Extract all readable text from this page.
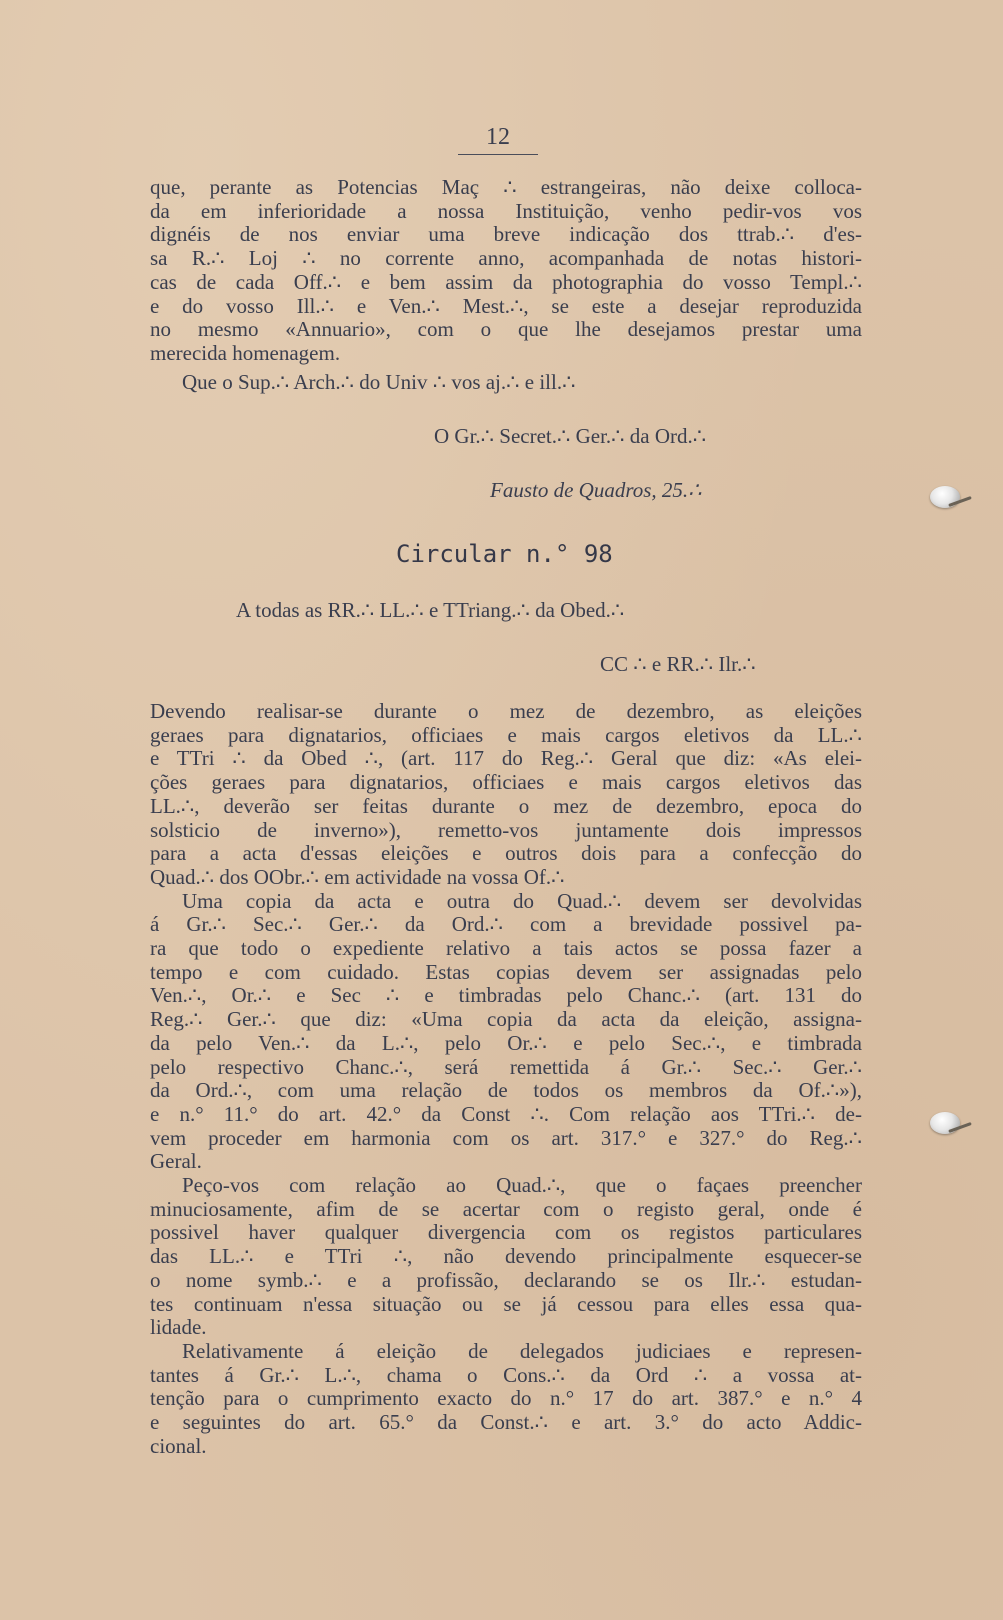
12
que, perante as Potencias Maç ∴ estrangeiras, não deixe colloca-
da em inferioridade a nossa Instituição, venho pedir-vos vos
dignéis de nos enviar uma breve indicação dos ttrab.∴ d'es-
sa R.∴ Loj ∴ no corrente anno, acompanhada de notas histori-
cas de cada Off.∴ e bem assim da photographia do vosso Templ.∴
e do vosso Ill.∴ e Ven.∴ Mest.∴, se este a desejar reproduzida
no mesmo «Annuario», com o que lhe desejamos prestar uma
merecida homenagem.
Que o Sup.∴ Arch.∴ do Univ ∴ vos aj.∴ e ill.∴
O Gr.∴ Secret.∴ Ger.∴ da Ord.∴
Fausto de Quadros, 25.∴
Circular n.° 98
A todas as RR.∴ LL.∴ e TTriang.∴ da Obed.∴
CC ∴ e RR.∴ Ilr.∴

Devendo realisar-se durante o mez de dezembro, as eleições
geraes para dignatarios, officiaes e mais cargos eletivos da LL.∴
e TTri ∴ da Obed ∴, (art. 117 do Reg.∴ Geral que diz: «As elei-
ções geraes para dignatarios, officiaes e mais cargos eletivos das
LL.∴, deverão ser feitas durante o mez de dezembro, epoca do
solsticio de inverno»), remetto-vos juntamente dois impressos
para a acta d'essas eleições e outros dois para a confecção do
Quad.∴ dos OObr.∴ em actividade na vossa Of.∴

Uma copia da acta e outra do Quad.∴ devem ser devolvidas
á Gr.∴ Sec.∴ Ger.∴ da Ord.∴ com a brevidade possivel pa-
ra que todo o expediente relativo a tais actos se possa fazer a
tempo e com cuidado. Estas copias devem ser assignadas pelo
Ven.∴, Or.∴ e Sec ∴ e timbradas pelo Chanc.∴ (art. 131 do
Reg.∴ Ger.∴ que diz: «Uma copia da acta da eleição, assigna-
da pelo Ven.∴ da L.∴, pelo Or.∴ e pelo Sec.∴, e timbrada
pelo respectivo Chanc.∴, será remettida á Gr.∴ Sec.∴ Ger.∴
da Ord.∴, com uma relação de todos os membros da Of.∴»),
e n.° 11.° do art. 42.° da Const ∴. Com relação aos TTri.∴ de-
vem proceder em harmonia com os art. 317.° e 327.° do Reg.∴
Geral.

Peço-vos com relação ao Quad.∴, que o façaes preencher
minuciosamente, afim de se acertar com o registo geral, onde é
possivel haver qualquer divergencia com os registos particulares
das LL.∴ e TTri ∴, não devendo principalmente esquecer-se
o nome symb.∴ e a profissão, declarando se os Ilr.∴ estudan-
tes continuam n'essa situação ou se já cessou para elles essa qua-
lidade.

Relativamente á eleição de delegados judiciaes e represen-
tantes á Gr.∴ L.∴, chama o Cons.∴ da Ord ∴ a vossa at-
tenção para o cumprimento exacto do n.° 17 do art. 387.° e n.° 4
e seguintes do art. 65.° da Const.∴ e art. 3.° do acto Addic-
cional.
